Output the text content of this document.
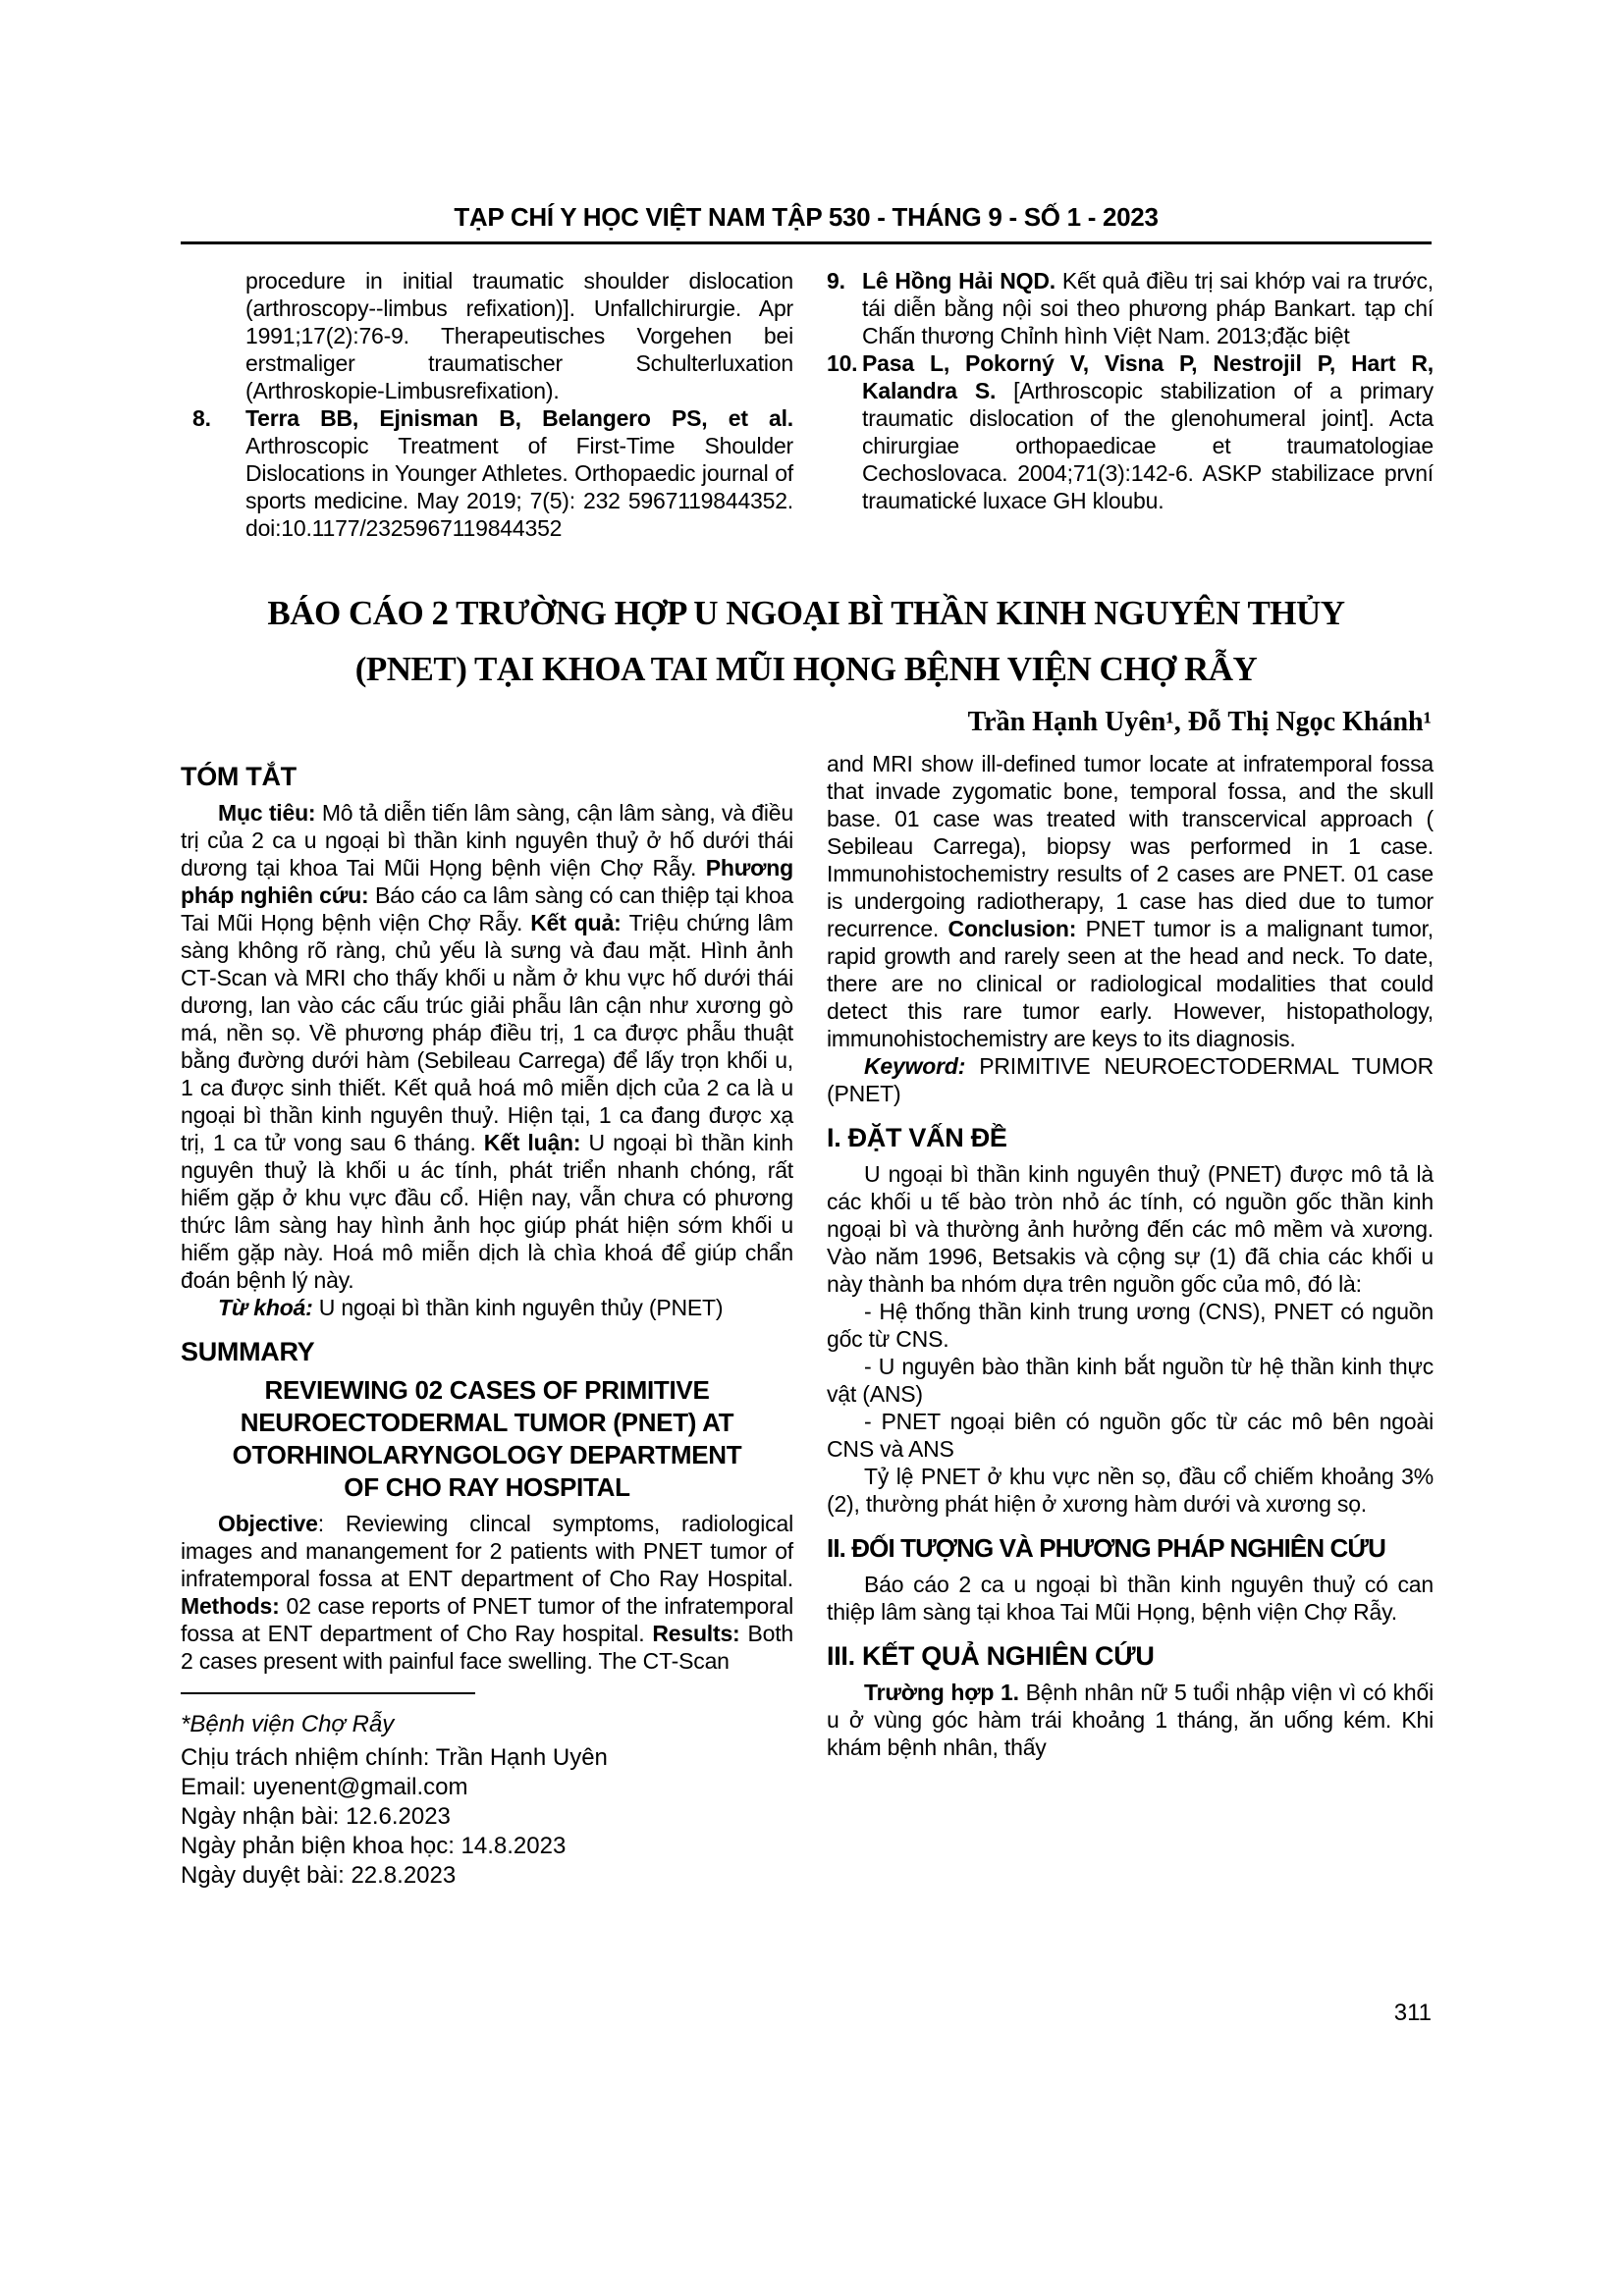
TẠP CHÍ Y HỌC VIỆT NAM TẬP 530 - THÁNG 9 - SỐ 1 - 2023
procedure in initial traumatic shoulder dislocation (arthroscopy--limbus refixation)]. Unfallchirurgie. Apr 1991;17(2):76-9. Therapeutisches Vorgehen bei erstmaliger traumatischer Schulterluxation (Arthroskopie-Limbusrefixation).
8. Terra BB, Ejnisman B, Belangero PS, et al. Arthroscopic Treatment of First-Time Shoulder Dislocations in Younger Athletes. Orthopaedic journal of sports medicine. May 2019; 7(5): 232 5967119844352. doi:10.1177/2325967119844352
9. Lê Hồng Hải NQD. Kết quả điều trị sai khớp vai ra trước, tái diễn bằng nội soi theo phương pháp Bankart. tạp chí Chấn thương Chỉnh hình Việt Nam. 2013;đặc biệt
10. Pasa L, Pokorný V, Visna P, Nestrojil P, Hart R, Kalandra S. [Arthroscopic stabilization of a primary traumatic dislocation of the glenohumeral joint]. Acta chirurgiae orthopaedicae et traumatologiae Cechoslovaca. 2004;71(3):142-6. ASKP stabilizace první traumatické luxace GH kloubu.
BÁO CÁO 2 TRƯỜNG HỢP U NGOẠI BÌ THẦN KINH NGUYÊN THỦY
(PNET) TẠI KHOA TAI MŨI HỌNG BỆNH VIỆN CHỢ RẪY
Trần Hạnh Uyên¹, Đỗ Thị Ngọc Khánh¹
TÓM TẮT

Mục tiêu: Mô tả diễn tiến lâm sàng, cận lâm sàng, và điều trị của 2 ca u ngoại bì thần kinh nguyên thuỷ ở hố dưới thái dương tại khoa Tai Mũi Họng bệnh viện Chợ Rẫy. Phương pháp nghiên cứu: Báo cáo ca lâm sàng có can thiệp tại khoa Tai Mũi Họng bệnh viện Chợ Rẫy. Kết quả: Triệu chứng lâm sàng không rõ ràng, chủ yếu là sưng và đau mặt. Hình ảnh CT-Scan và MRI cho thấy khối u nằm ở khu vực hố dưới thái dương, lan vào các cấu trúc giải phẫu lân cận như xương gò má, nền sọ. Về phương pháp điều trị, 1 ca được phẫu thuật bằng đường dưới hàm (Sebileau Carrega) để lấy trọn khối u, 1 ca được sinh thiết. Kết quả hoá mô miễn dịch của 2 ca là u ngoại bì thần kinh nguyên thuỷ. Hiện tại, 1 ca đang được xạ trị, 1 ca tử vong sau 6 tháng. Kết luận: U ngoại bì thần kinh nguyên thuỷ là khối u ác tính, phát triển nhanh chóng, rất hiếm gặp ở khu vực đầu cổ. Hiện nay, vẫn chưa có phương thức lâm sàng hay hình ảnh học giúp phát hiện sớm khối u hiếm gặp này. Hoá mô miễn dịch là chìa khoá để giúp chẩn đoán bệnh lý này.

Từ khoá: U ngoại bì thần kinh nguyên thủy (PNET)

SUMMARY
REVIEWING 02 CASES OF PRIMITIVE
NEUROECTODERMAL TUMOR (PNET) AT
OTORHINOLARYNGOLOGY DEPARTMENT
OF CHO RAY HOSPITAL

Objective: Reviewing clincal symptoms, radiological images and manangement for 2 patients with PNET tumor of infratemporal fossa at ENT department of Cho Ray Hospital. Methods: 02 case reports of PNET tumor of the infratemporal fossa at ENT department of Cho Ray hospital. Results: Both 2 cases present with painful face swelling. The CT-Scan

*Bệnh viện Chợ Rẫy
Chịu trách nhiệm chính: Trần Hạnh Uyên
Email: uyenent@gmail.com
Ngày nhận bài: 12.6.2023
Ngày phản biện khoa học: 14.8.2023
Ngày duyệt bài: 22.8.2023

and MRI show ill-defined tumor locate at infratemporal fossa that invade zygomatic bone, temporal fossa, and the skull base. 01 case was treated with transcervical approach ( Sebileau Carrega), biopsy was performed in 1 case. Immunohistochemistry results of 2 cases are PNET. 01 case is undergoing radiotherapy, 1 case has died due to tumor recurrence. Conclusion: PNET tumor is a malignant tumor, rapid growth and rarely seen at the head and neck. To date, there are no clinical or radiological modalities that could detect this rare tumor early. However, histopathology, immunohistochemistry are keys to its diagnosis.

Keyword: PRIMITIVE NEUROECTODERMAL TUMOR (PNET)

I. ĐẶT VẤN ĐỀ

U ngoại bì thần kinh nguyên thuỷ (PNET) được mô tả là các khối u tế bào tròn nhỏ ác tính, có nguồn gốc thần kinh ngoại bì và thường ảnh hưởng đến các mô mềm và xương. Vào năm 1996, Betsakis và cộng sự (1) đã chia các khối u này thành ba nhóm dựa trên nguồn gốc của mô, đó là:

- Hệ thống thần kinh trung ương (CNS), PNET có nguồn gốc từ CNS.

- U nguyên bào thần kinh bắt nguồn từ hệ thần kinh thực vật (ANS)

- PNET ngoại biên có nguồn gốc từ các mô bên ngoài CNS và ANS

Tỷ lệ PNET ở khu vực nền sọ, đầu cổ chiếm khoảng 3% (2), thường phát hiện ở xương hàm dưới và xương sọ.

II. ĐỐI TƯỢNG VÀ PHƯƠNG PHÁP NGHIÊN CỨU

Báo cáo 2 ca u ngoại bì thần kinh nguyên thuỷ có can thiệp lâm sàng tại khoa Tai Mũi Họng, bệnh viện Chợ Rẫy.

III. KẾT QUẢ NGHIÊN CỨU

Trường hợp 1. Bệnh nhân nữ 5 tuổi nhập viện vì có khối u ở vùng góc hàm trái khoảng 1 tháng, ăn uống kém. Khi khám bệnh nhân, thấy

311
